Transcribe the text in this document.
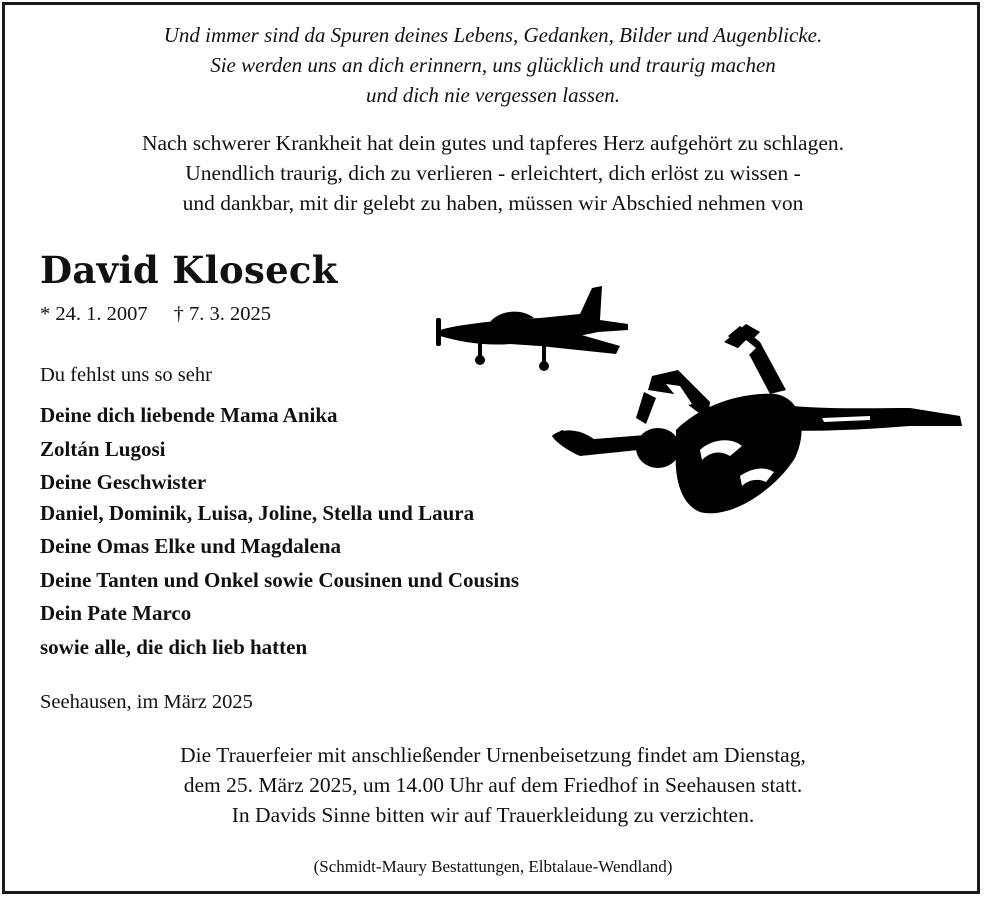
Und immer sind da Spuren deines Lebens, Gedanken, Bilder und Augenblicke.
Sie werden uns an dich erinnern, uns glücklich und traurig machen
und dich nie vergessen lassen.
Nach schwerer Krankheit hat dein gutes und tapferes Herz aufgehört zu schlagen.
Unendlich traurig, dich zu verlieren - erleichtert, dich erlöst zu wissen -
und dankbar, mit dir gelebt zu haben, müssen wir Abschied nehmen von
David Kloseck
* 24. 1. 2007 † 7. 3. 2025
Du fehlst uns so sehr
Deine dich liebende Mama Anika
Zoltán Lugosi
Deine Geschwister
Daniel, Dominik, Luisa, Joline, Stella und Laura
Deine Omas Elke und Magdalena
Deine Tanten und Onkel sowie Cousinen und Cousins
Dein Pate Marco
sowie alle, die dich lieb hatten
Seehausen, im März 2025
Die Trauerfeier mit anschließender Urnenbeisetzung findet am Dienstag,
dem 25. März 2025, um 14.00 Uhr auf dem Friedhof in Seehausen statt.
In Davids Sinne bitten wir auf Trauerkleidung zu verzichten.
(Schmidt-Maury Bestattungen, Elbtalaue-Wendland)
